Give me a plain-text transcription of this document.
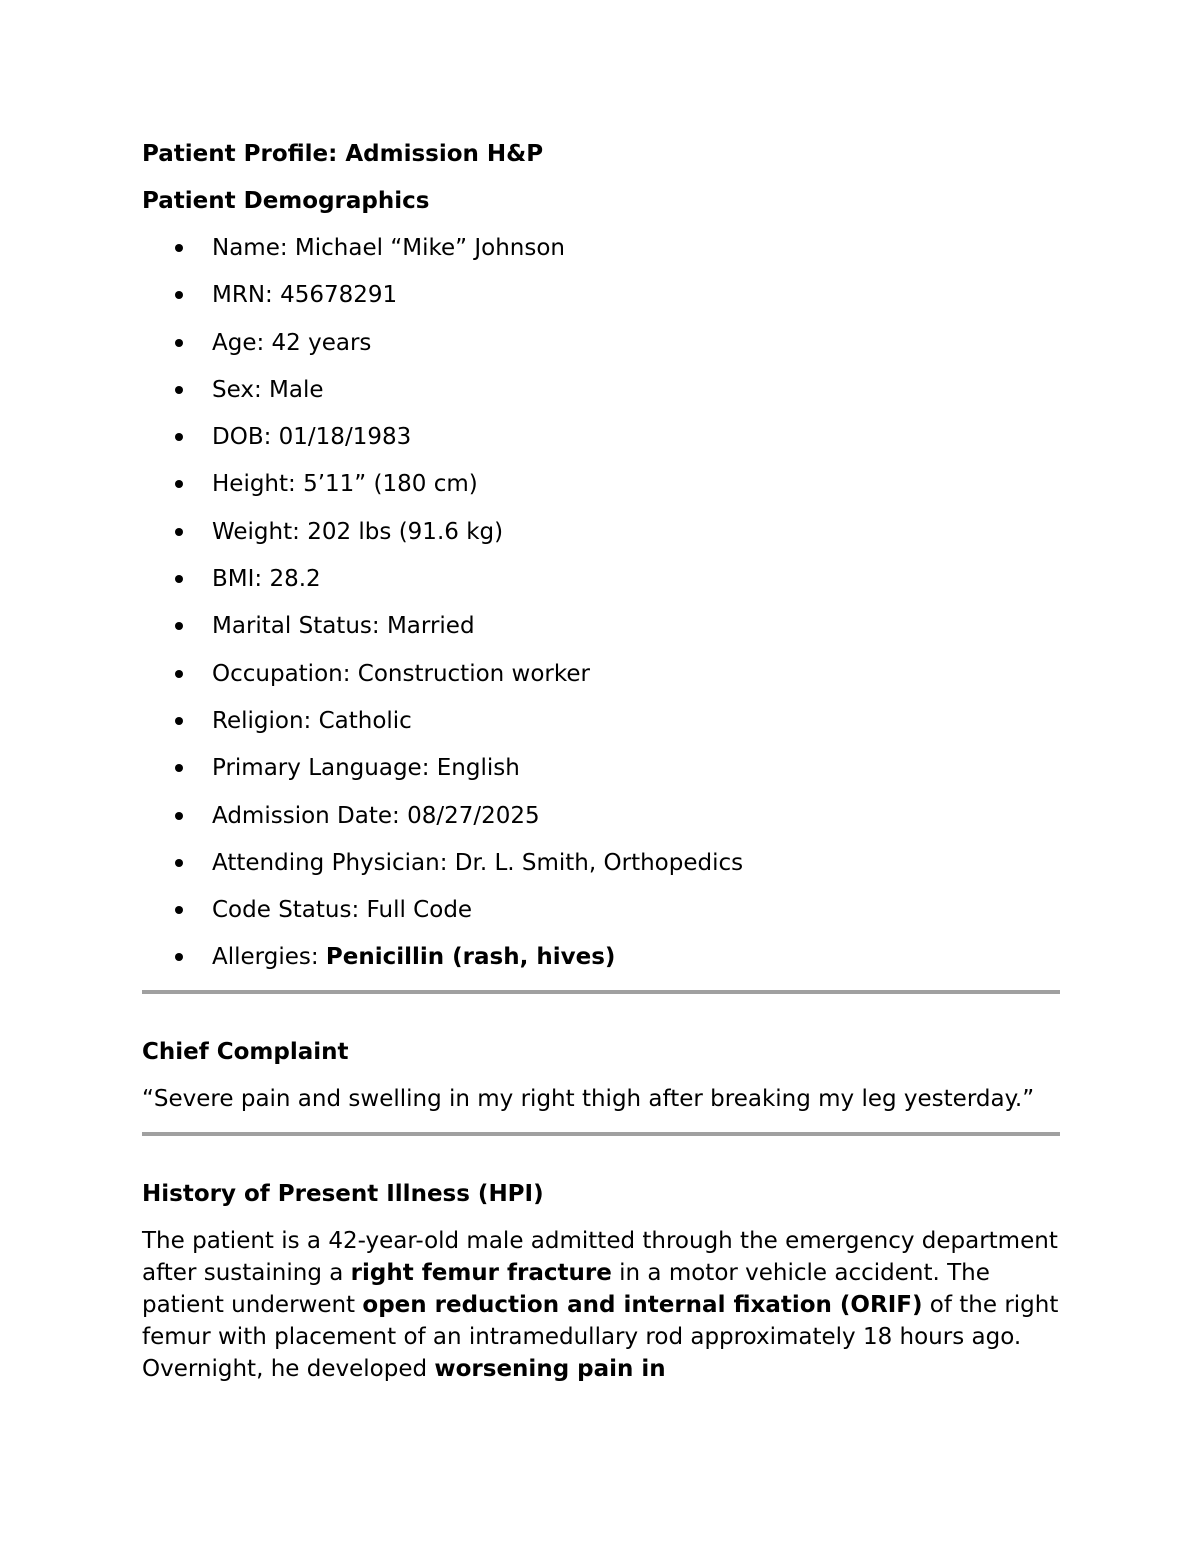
Patient Profile: Admission H&P
Patient Demographics
Name: Michael “Mike” Johnson
MRN: 45678291
Age: 42 years
Sex: Male
DOB: 01/18/1983
Height: 5’11” (180 cm)
Weight: 202 lbs (91.6 kg)
BMI: 28.2
Marital Status: Married
Occupation: Construction worker
Religion: Catholic
Primary Language: English
Admission Date: 08/27/2025
Attending Physician: Dr. L. Smith, Orthopedics
Code Status: Full Code
Allergies: Penicillin (rash, hives)
Chief Complaint

“Severe pain and swelling in my right thigh after breaking my leg yesterday.”

History of Present Illness (HPI)

The patient is a 42-year-old male admitted through the emergency department after sustaining a right femur fracture in a motor vehicle accident. The patient underwent open reduction and internal fixation (ORIF) of the right femur with placement of an intramedullary rod approximately 18 hours ago. Overnight, he developed worsening pain in
